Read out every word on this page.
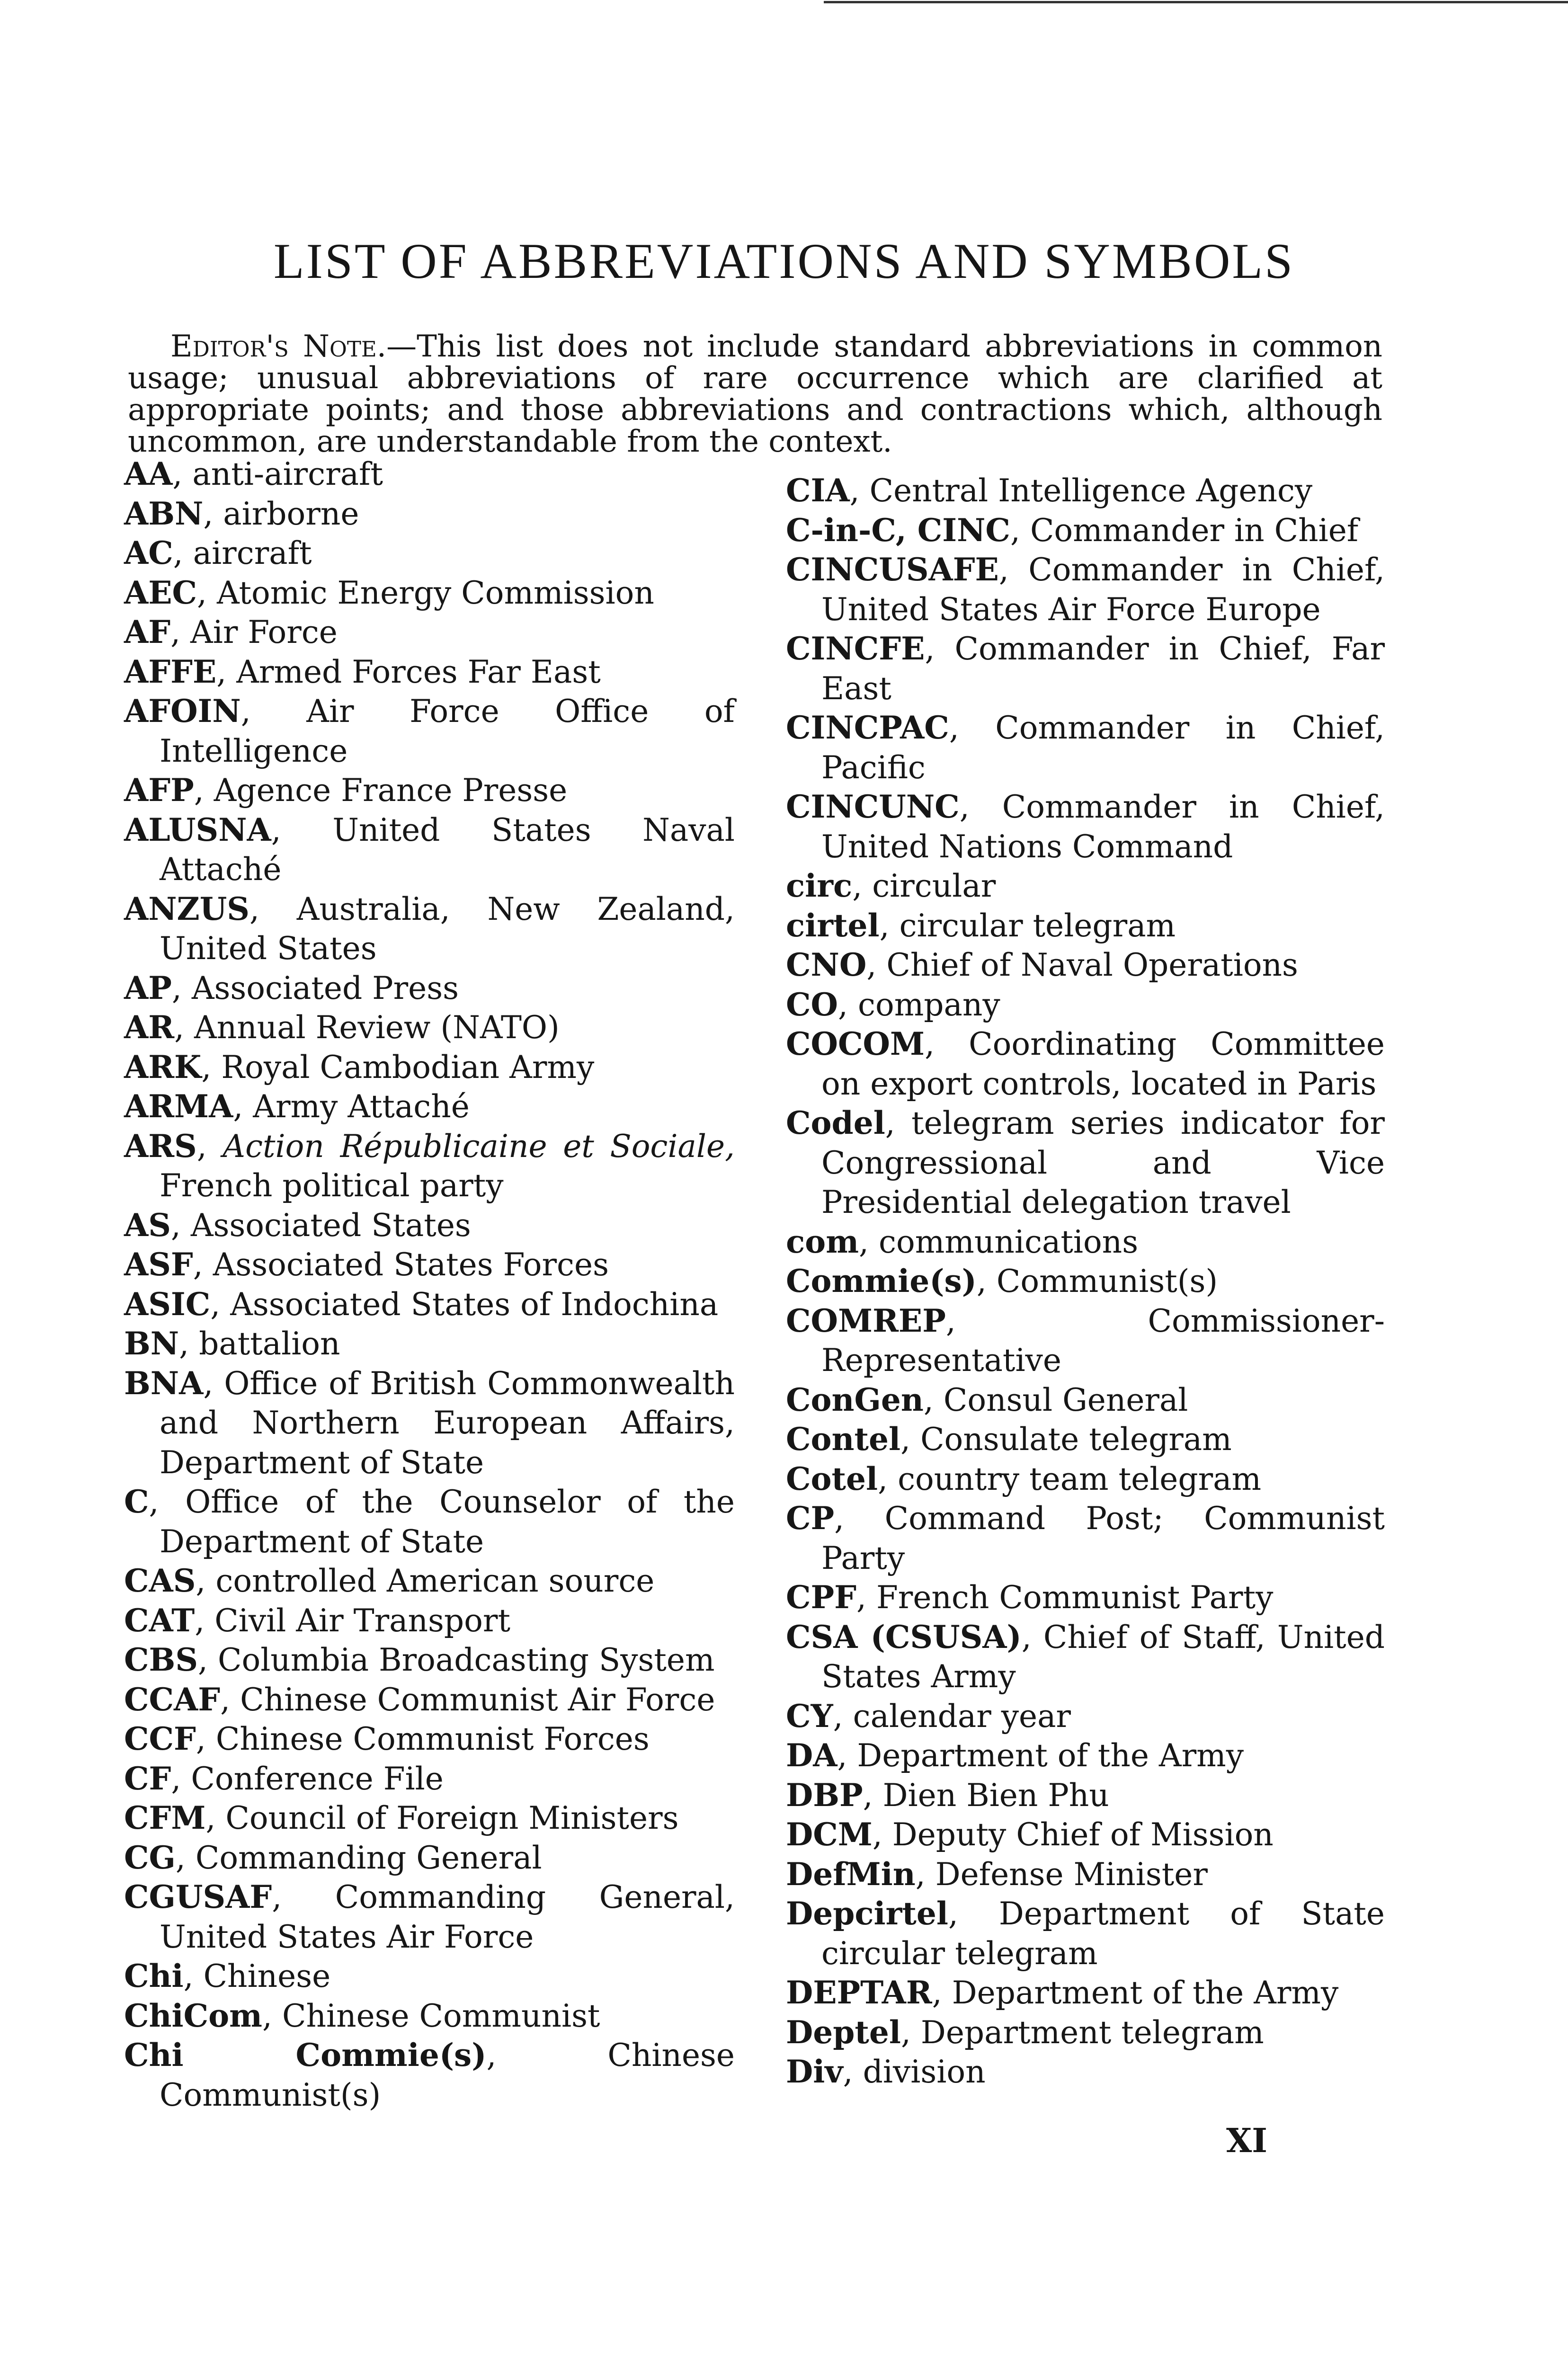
LIST OF ABBREVIATIONS AND SYMBOLS

Editor's Note.—This list does not include standard abbreviations in common usage; unusual abbreviations of rare occurrence which are clarified at appropriate points; and those abbreviations and contractions which, although uncommon, are understandable from the context.

AA, anti-aircraft
ABN, airborne
AC, aircraft
AEC, Atomic Energy Commission
AF, Air Force
AFFE, Armed Forces Far East
AFOIN, Air Force Office of Intelligence
AFP, Agence France Presse
ALUSNA, United States Naval Attaché
ANZUS, Australia, New Zealand, United States
AP, Associated Press
AR, Annual Review (NATO)
ARK, Royal Cambodian Army
ARMA, Army Attaché
ARS, Action Républicaine et Sociale, French political party
AS, Associated States
ASF, Associated States Forces
ASIC, Associated States of Indochina
BN, battalion
BNA, Office of British Commonwealth and Northern European Affairs, Department of State
C, Office of the Counselor of the Department of State
CAS, controlled American source
CAT, Civil Air Transport
CBS, Columbia Broadcasting System
CCAF, Chinese Communist Air Force
CCF, Chinese Communist Forces
CF, Conference File
CFM, Council of Foreign Ministers
CG, Commanding General
CGUSAF, Commanding General, United States Air Force
Chi, Chinese
ChiCom, Chinese Communist
Chi Commie(s), Chinese Communist(s)
CIA, Central Intelligence Agency
C-in-C, CINC, Commander in Chief
CINCUSAFE, Commander in Chief, United States Air Force Europe
CINCFE, Commander in Chief, Far East
CINCPAC, Commander in Chief, Pacific
CINCUNC, Commander in Chief, United Nations Command
circ, circular
cirtel, circular telegram
CNO, Chief of Naval Operations
CO, company
COCOM, Coordinating Committee on export controls, located in Paris
Codel, telegram series indicator for Congressional and Vice Presidential delegation travel
com, communications
Commie(s), Communist(s)
COMREP, Commissioner-Representative
ConGen, Consul General
Contel, Consulate telegram
Cotel, country team telegram
CP, Command Post; Communist Party
CPF, French Communist Party
CSA (CSUSA), Chief of Staff, United States Army
CY, calendar year
DA, Department of the Army
DBP, Dien Bien Phu
DCM, Deputy Chief of Mission
DefMin, Defense Minister
Depcirtel, Department of State circular telegram
DEPTAR, Department of the Army
Deptel, Department telegram
Div, division
XI
